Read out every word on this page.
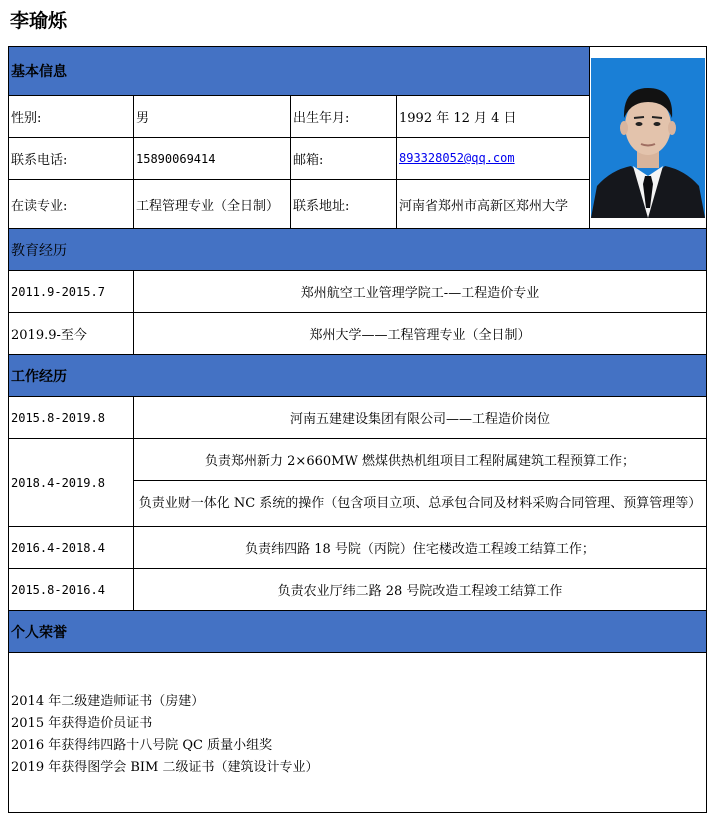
李瑜烁
基本信息	

性别:	男	出生年月:	1992 年 12 月 4 日	
联系电话:	15890069414	邮箱:	893328052@qq.com	
在读专业:	工程管理专业（全日制）	联系地址:	河南省郑州市高新区郑州大学	
教育经历				
2011.9-2015.7	郑州航空工业管理学院工-—工程造价专业			
2019.9-至今	郑州大学——工程管理专业（全日制）			
工作经历				
2015.8-2019.8	河南五建建设集团有限公司——工程造价岗位			
2018.4-2019.8	负责郑州新力 2×660MW 燃煤供热机组项目工程附属建筑工程预算工作；			
	负责业财一体化 NC 系统的操作（包含项目立项、总承包合同及材料采购合同管理、预算管理等）			
2016.4-2018.4	负责纬四路 18 号院（丙院）住宅楼改造工程竣工结算工作；			
2015.8-2016.4	负责农业厅纬二路 28 号院改造工程竣工结算工作			
个人荣誉				

2014 年二级建造师证书（房建）
2015 年获得造价员证书
2016 年获得纬四路十八号院 QC 质量小组奖
2019 年获得图学会 BIM 二级证书（建筑设计专业）				
